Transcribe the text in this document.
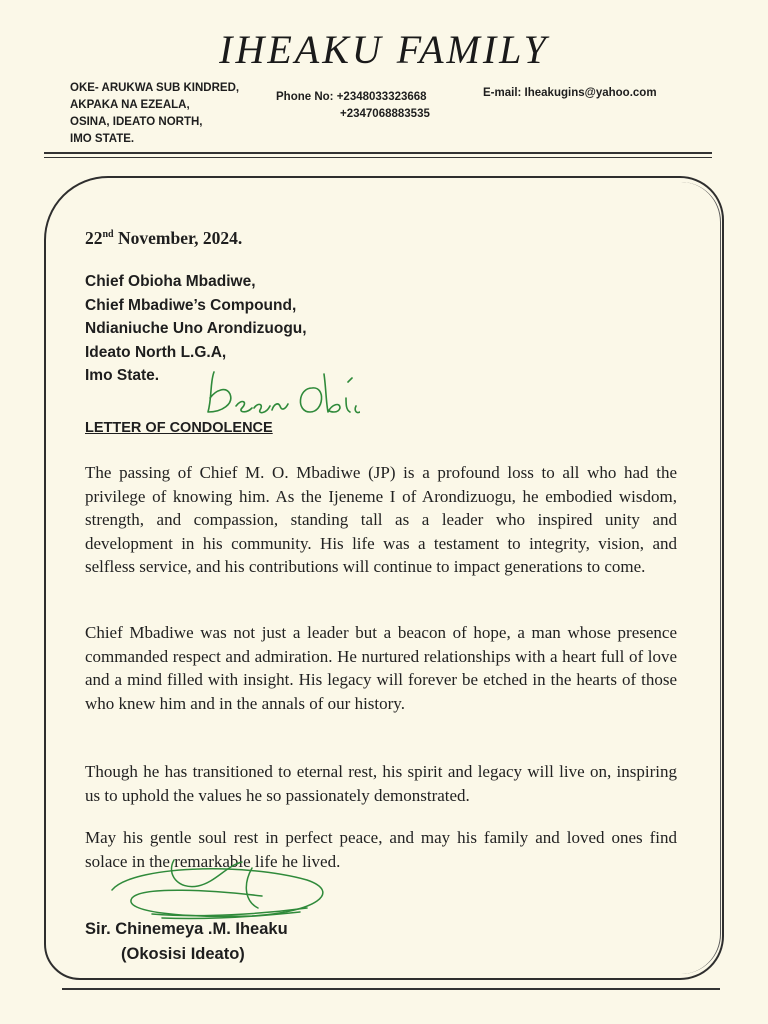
IHEAKU FAMILY
OKE- ARUKWA SUB KINDRED,
AKPAKA NA EZEALA,
OSINA, IDEATO NORTH,
IMO STATE.
Phone No: +2348033323668
+2347068883535
E-mail: Iheakugins@yahoo.com
22nd November, 2024.
Chief Obioha Mbadiwe,
Chief Mbadiwe’s Compound,
Ndianiuche Uno Arondizuogu,
Ideato North L.G.A,
Imo State.
LETTER OF CONDOLENCE
The passing of Chief M. O. Mbadiwe (JP) is a profound loss to all who had the privilege of knowing him. As the Ijeneme I of Arondizuogu, he embodied wisdom, strength, and compassion, standing tall as a leader who inspired unity and development in his community. His life was a testament to integrity, vision, and selfless service, and his contributions will continue to impact generations to come.
Chief Mbadiwe was not just a leader but a beacon of hope, a man whose presence commanded respect and admiration. He nurtured relationships with a heart full of love and a mind filled with insight. His legacy will forever be etched in the hearts of those who knew him and in the annals of our history.
Though he has transitioned to eternal rest, his spirit and legacy will live on, inspiring us to uphold the values he so passionately demonstrated.
May his gentle soul rest in perfect peace, and may his family and loved ones find solace in the remarkable life he lived.
Sir. Chinemeya .M. Iheaku
(Okosisi Ideato)
